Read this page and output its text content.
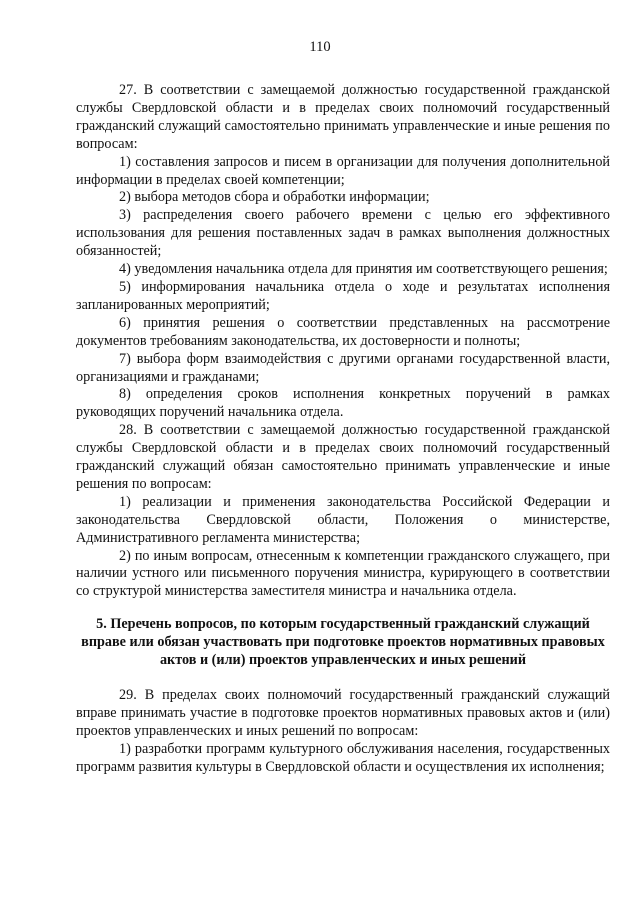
110

27. В соответствии с замещаемой должностью государственной гражданской службы Свердловской области и в пределах своих полномочий государственный гражданский служащий самостоятельно принимать управленческие и иные решения по вопросам:

1) составления запросов и писем в организации для получения дополнительной информации в пределах своей компетенции;

2) выбора методов сбора и обработки информации;

3) распределения своего рабочего времени с целью его эффективного использования для решения поставленных задач в рамках выполнения должностных обязанностей;

4) уведомления начальника отдела для принятия им соответствующего решения;

5) информирования начальника отдела о ходе и результатах исполнения запланированных мероприятий;

6) принятия решения о соответствии представленных на рассмотрение документов требованиям законодательства, их достоверности и полноты;

7) выбора форм взаимодействия с другими органами государственной власти, организациями и гражданами;

8) определения сроков исполнения конкретных поручений в рамках руководящих поручений начальника отдела.

28. В соответствии с замещаемой должностью государственной гражданской службы Свердловской области и в пределах своих полномочий государственный гражданский служащий обязан самостоятельно принимать управленческие и иные решения по вопросам:

1) реализации и применения законодательства Российской Федерации и законодательства Свердловской области, Положения о министерстве, Административного регламента министерства;

2) по иным вопросам, отнесенным к компетенции гражданского служащего, при наличии устного или письменного поручения министра, курирующего в соответствии со структурой министерства заместителя министра и начальника отдела.

5. Перечень вопросов, по которым государственный гражданский служащий вправе или обязан участвовать при подготовке проектов нормативных правовых актов и (или) проектов управленческих и иных решений

29. В пределах своих полномочий государственный гражданский служащий вправе принимать участие в подготовке проектов нормативных правовых актов и (или) проектов управленческих и иных решений по вопросам:

1) разработки программ культурного обслуживания населения, государственных программ развития культуры в Свердловской области и осуществления их исполнения;
